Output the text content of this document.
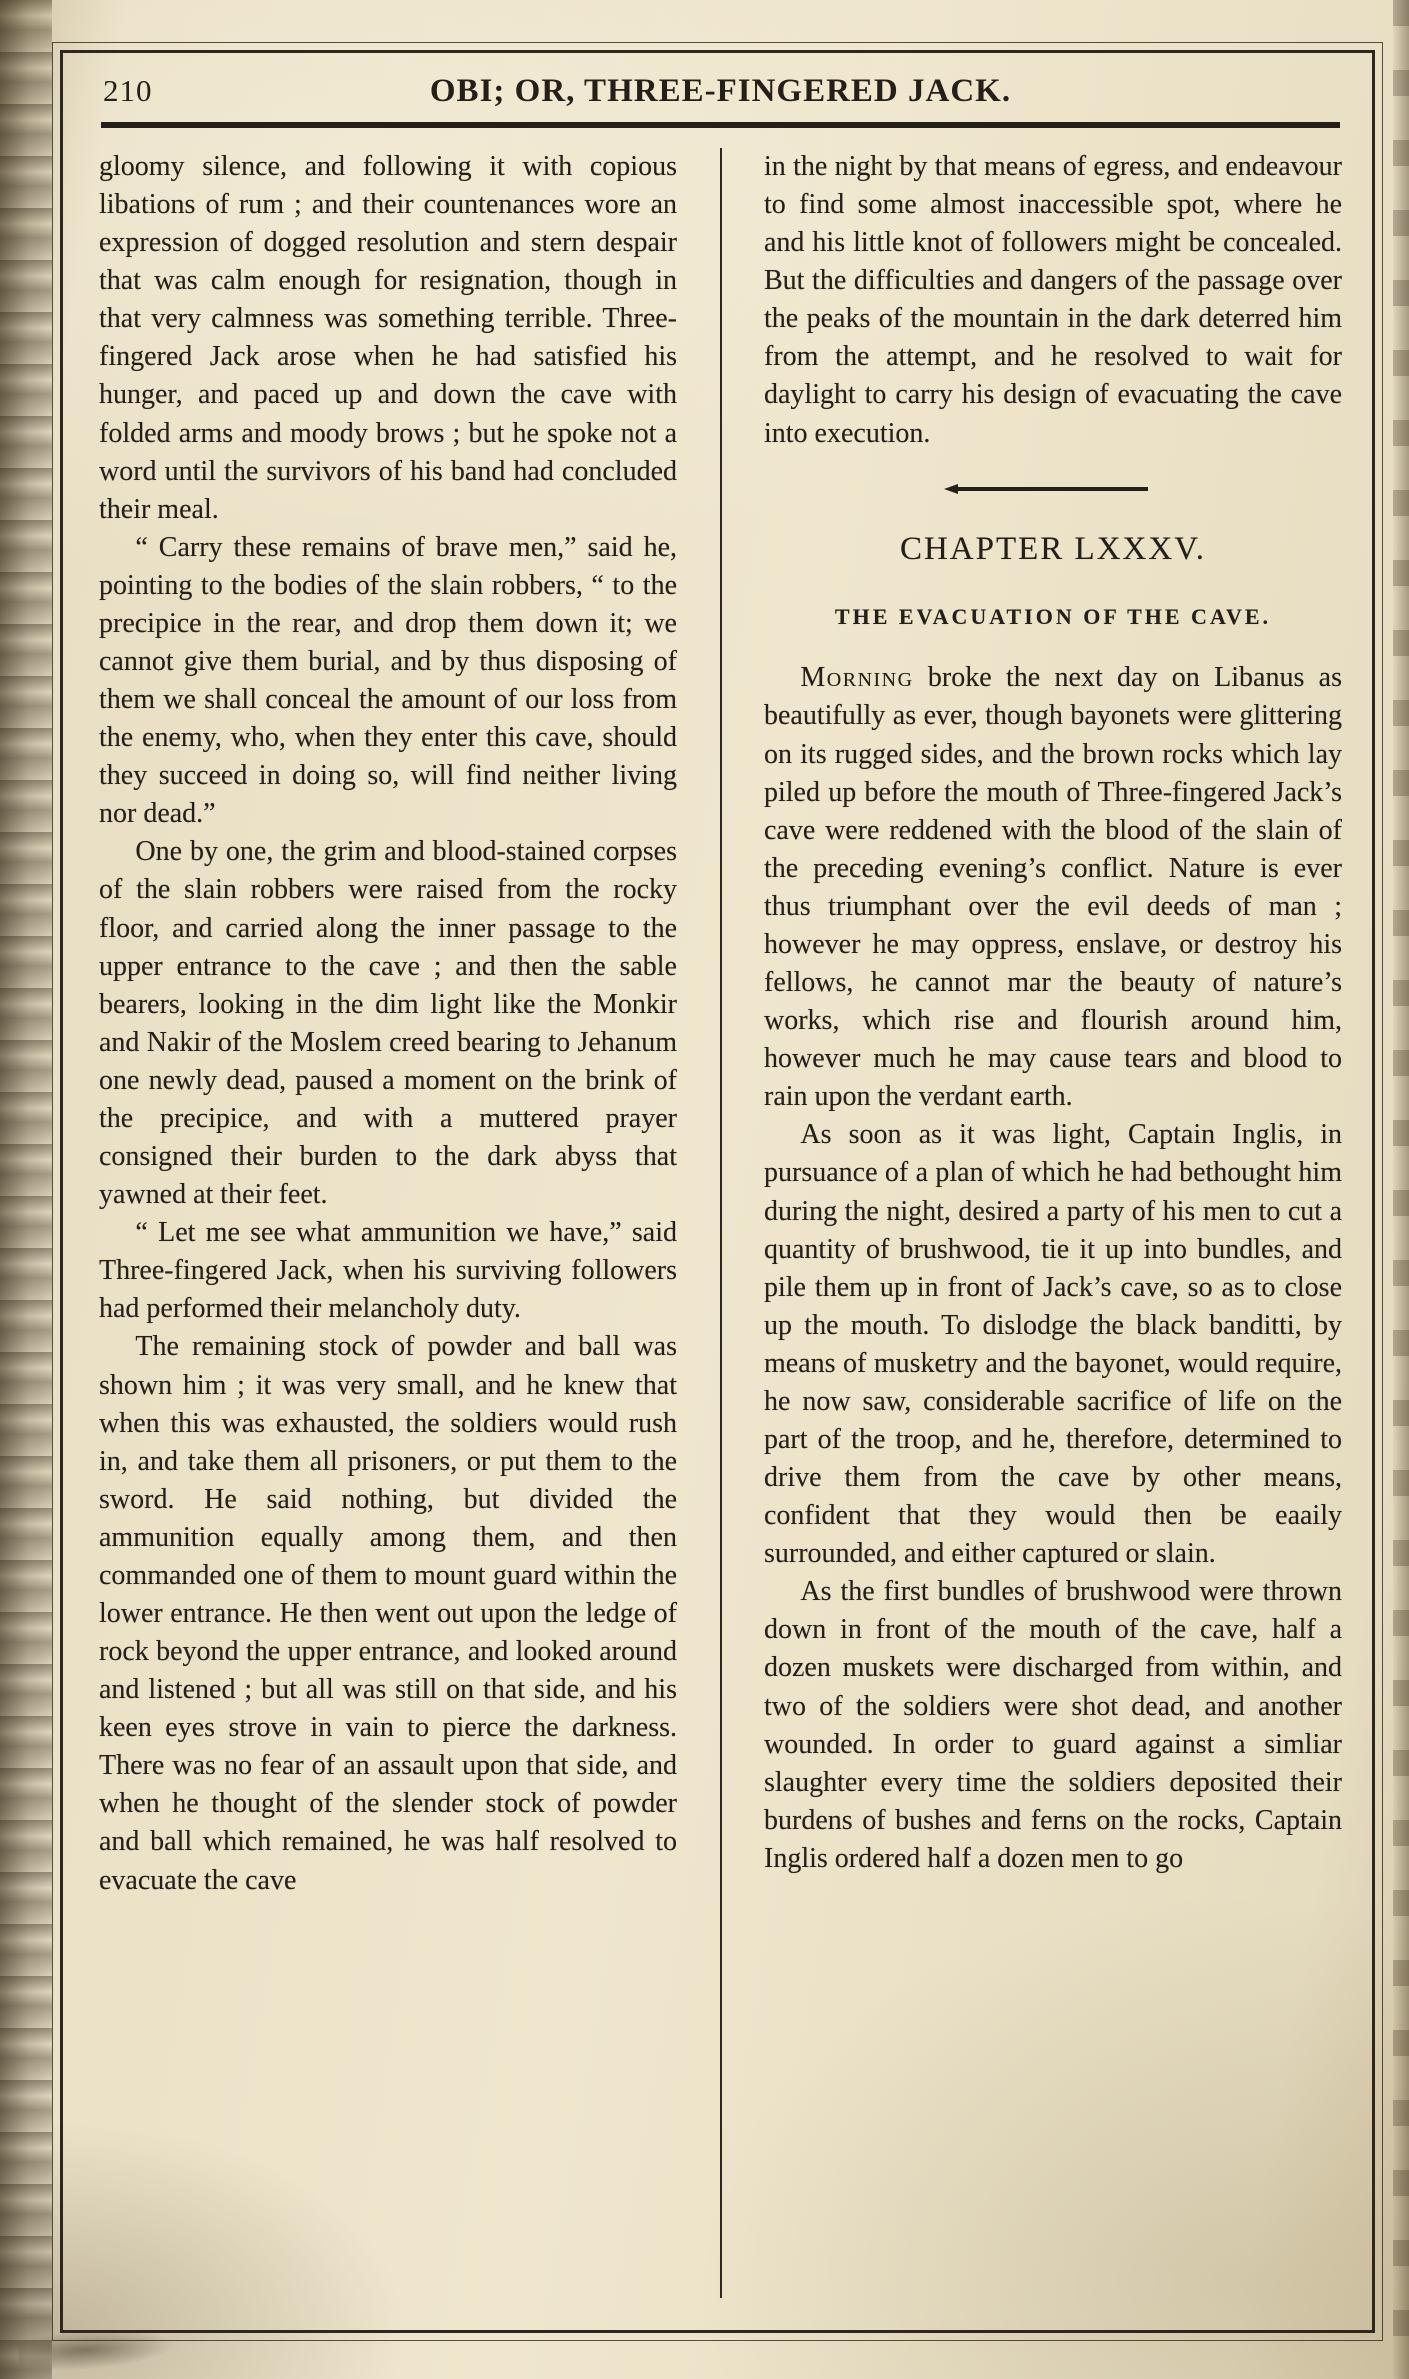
210	OBI; OR, THREE-FINGERED JACK.

gloomy silence, and following it with copious libations of rum ; and their countenances wore an expression of dogged resolution and stern despair that was calm enough for resignation, though in that very calmness was something terrible. Three-fingered Jack arose when he had satisfied his hunger, and paced up and down the cave with folded arms and moody brows ; but he spoke not a word until the survivors of his band had concluded their meal.

“ Carry these remains of brave men,” said he, pointing to the bodies of the slain robbers, “ to the precipice in the rear, and drop them down it; we cannot give them burial, and by thus disposing of them we shall conceal the amount of our loss from the enemy, who, when they enter this cave, should they succeed in doing so, will find neither living nor dead.”

One by one, the grim and blood-stained corpses of the slain robbers were raised from the rocky floor, and carried along the inner passage to the upper entrance to the cave ; and then the sable bearers, looking in the dim light like the Monkir and Nakir of the Moslem creed bearing to Jehanum one newly dead, paused a moment on the brink of the precipice, and with a muttered prayer consigned their burden to the dark abyss that yawned at their feet.

“ Let me see what ammunition we have,” said Three-fingered Jack, when his surviving followers had performed their melancholy duty.

The remaining stock of powder and ball was shown him ; it was very small, and he knew that when this was exhausted, the soldiers would rush in, and take them all prisoners, or put them to the sword. He said nothing, but divided the ammunition equally among them, and then commanded one of them to mount guard within the lower entrance. He then went out upon the ledge of rock beyond the upper entrance, and looked around and listened ; but all was still on that side, and his keen eyes strove in vain to pierce the darkness. There was no fear of an assault upon that side, and when he thought of the slender stock of powder and ball which remained, he was half resolved to evacuate the cave

in the night by that means of egress, and endeavour to find some almost inaccessible spot, where he and his little knot of followers might be concealed. But the difficulties and dangers of the passage over the peaks of the mountain in the dark deterred him from the attempt, and he resolved to wait for daylight to carry his design of evacuating the cave into execution.

CHAPTER LXXXV.
THE EVACUATION OF THE CAVE.

Morning broke the next day on Libanus as beautifully as ever, though bayonets were glittering on its rugged sides, and the brown rocks which lay piled up before the mouth of Three-fingered Jack’s cave were reddened with the blood of the slain of the preceding evening’s conflict. Nature is ever thus triumphant over the evil deeds of man ; however he may oppress, enslave, or destroy his fellows, he cannot mar the beauty of nature’s works, which rise and flourish around him, however much he may cause tears and blood to rain upon the verdant earth.

As soon as it was light, Captain Inglis, in pursuance of a plan of which he had bethought him during the night, desired a party of his men to cut a quantity of brushwood, tie it up into bundles, and pile them up in front of Jack’s cave, so as to close up the mouth. To dislodge the black banditti, by means of musketry and the bayonet, would require, he now saw, considerable sacrifice of life on the part of the troop, and he, therefore, determined to drive them from the cave by other means, confident that they would then be eaaily surrounded, and either captured or slain.

As the first bundles of brushwood were thrown down in front of the mouth of the cave, half a dozen muskets were discharged from within, and two of the soldiers were shot dead, and another wounded. In order to guard against a simliar slaughter every time the soldiers deposited their burdens of bushes and ferns on the rocks, Captain Inglis ordered half a dozen men to go
